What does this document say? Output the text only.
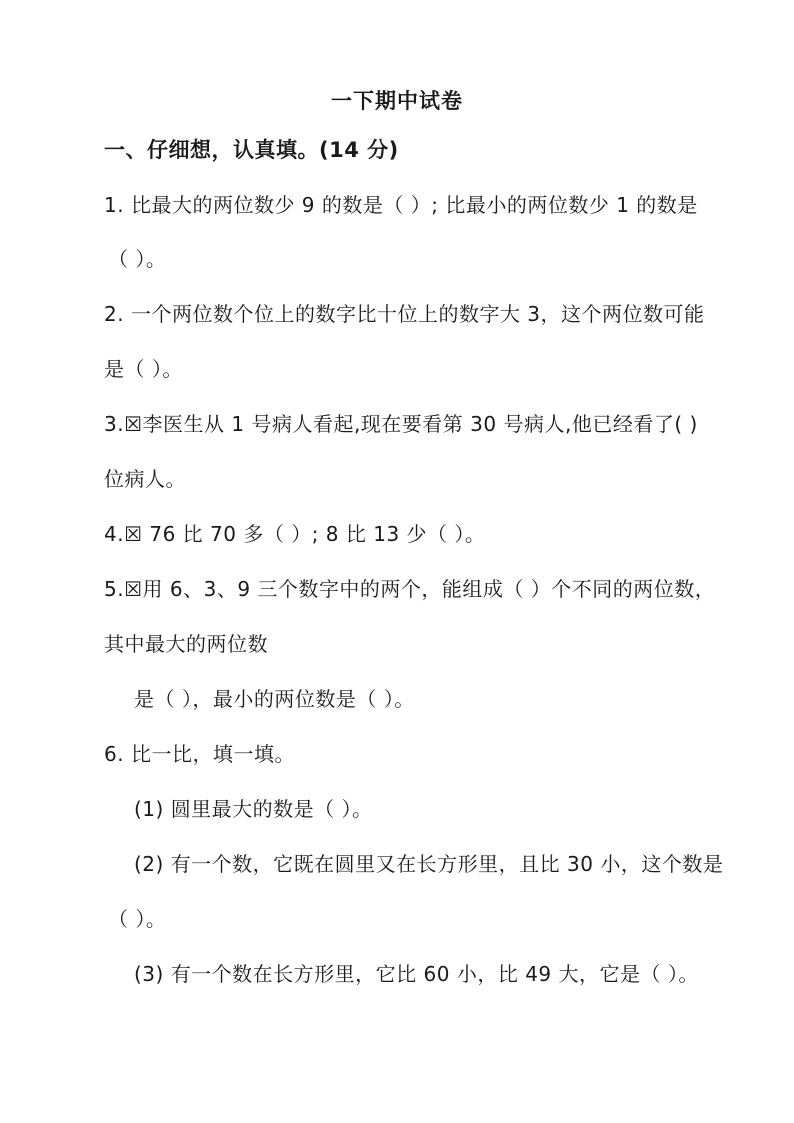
一下期中试卷
一、仔细想，认真填。(14 分)
1. 比最大的两位数少 9 的数是（ ）; 比最小的两位数少 1 的数是
（ ）。
2. 一个两位数个位上的数字比十位上的数字大 3，这个两位数可能
是（ ）。
3.☒李医生从 1 号病人看起,现在要看第 30 号病人,他已经看了( )
位病人。
4.☒ 76 比 70 多（ ）; 8 比 13 少（ ）。
5.☒用 6、3、9 三个数字中的两个，能组成（ ）个不同的两位数，
其中最大的两位数
是（ ），最小的两位数是（ ）。
6. 比一比，填一填。
(1) 圆里最大的数是（ ）。
(2) 有一个数，它既在圆里又在长方形里，且比 30 小，这个数是
（ ）。
(3) 有一个数在长方形里，它比 60 小，比 49 大，它是（ ）。
